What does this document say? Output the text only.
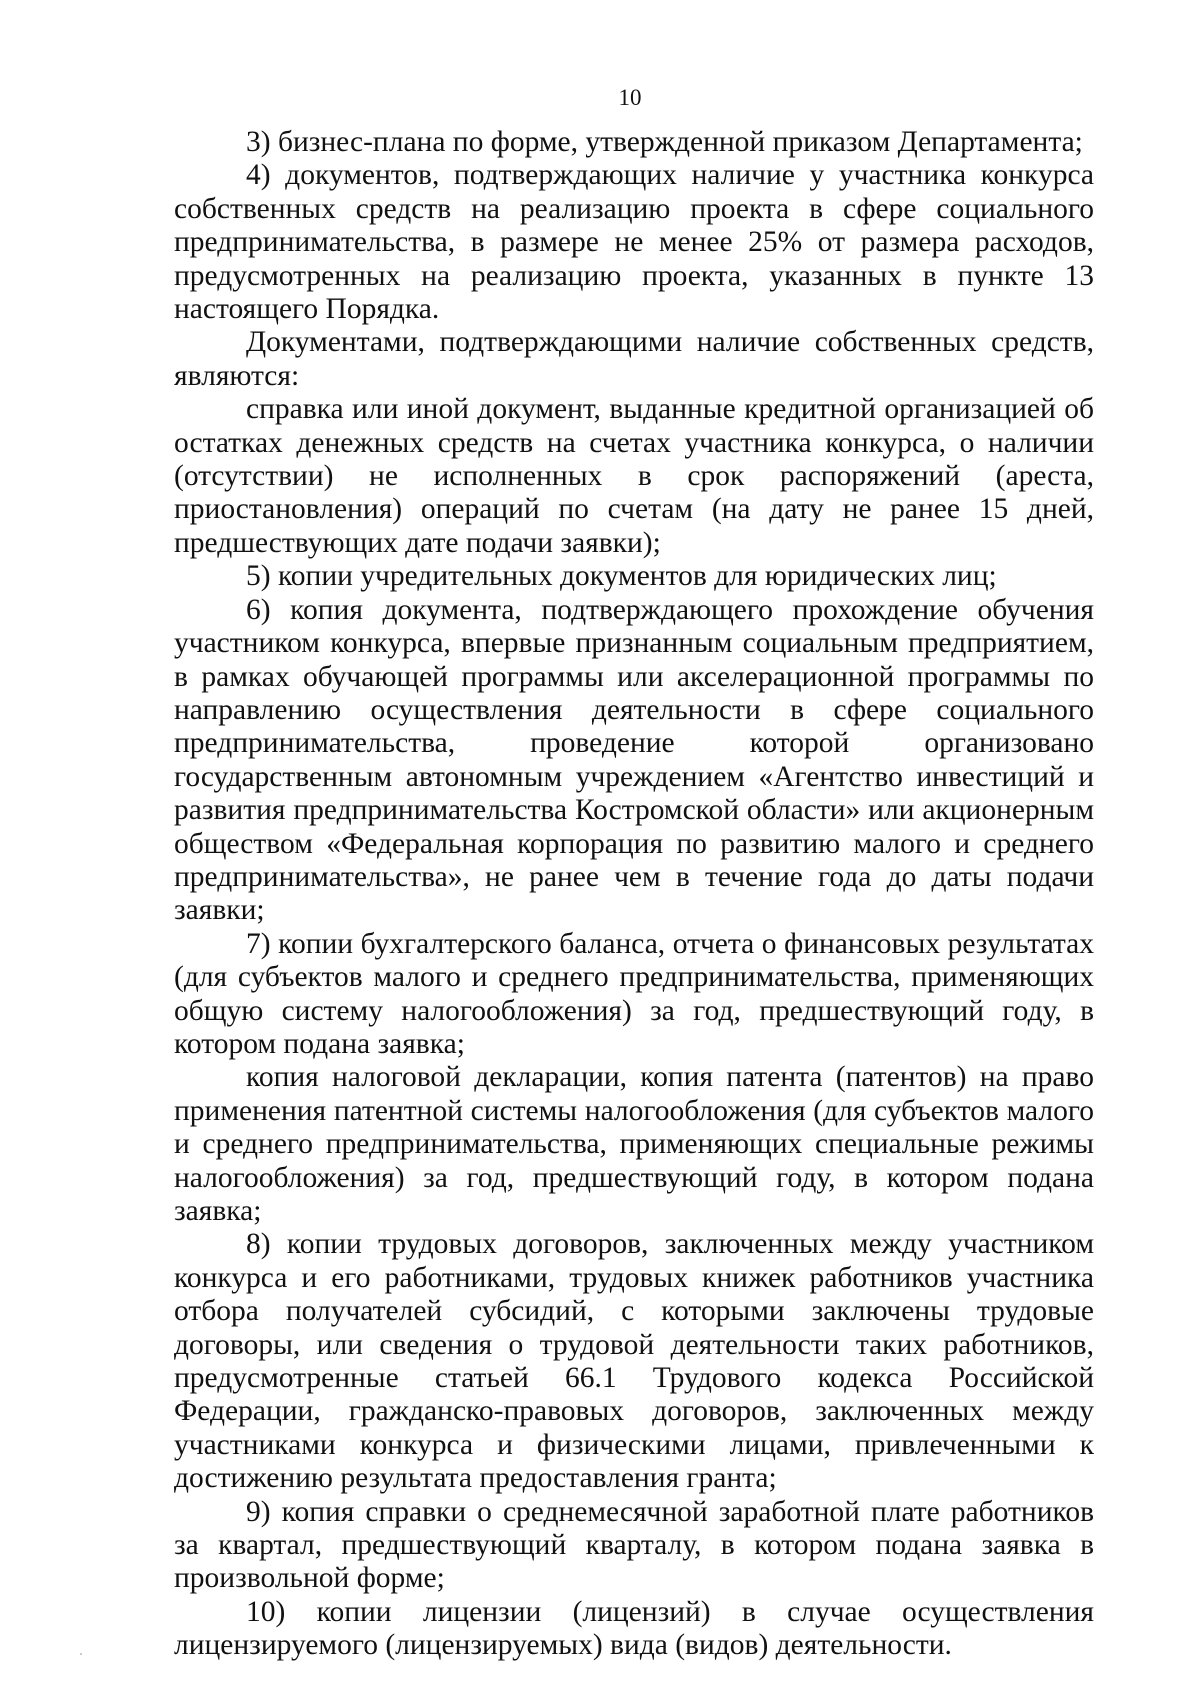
10

3) бизнес-плана по форме, утвержденной приказом Департамента;

4) документов, подтверждающих наличие у участника конкурса собственных средств на реализацию проекта в сфере социального предпринимательства, в размере не менее 25% от размера расходов, предусмотренных на реализацию проекта, указанных в пункте 13 настоящего Порядка.

Документами, подтверждающими наличие собственных средств, являются:

справка или иной документ, выданные кредитной организацией об остатках денежных средств на счетах участника конкурса, о наличии (отсутствии) не исполненных в срок распоряжений (ареста, приостановления) операций по счетам (на дату не ранее 15 дней, предшествующих дате подачи заявки);

5) копии учредительных документов для юридических лиц;

6) копия документа, подтверждающего прохождение обучения участником конкурса, впервые признанным социальным предприятием, в рамках обучающей программы или акселерационной программы по направлению осуществления деятельности в сфере социального предпринимательства, проведение которой организовано государственным автономным учреждением «Агентство инвестиций и развития предпринимательства Костромской области» или акционерным обществом «Федеральная корпорация по развитию малого и среднего предпринимательства», не ранее чем в течение года до даты подачи заявки;

7) копии бухгалтерского баланса, отчета о финансовых результатах (для субъектов малого и среднего предпринимательства, применяющих общую систему налогообложения) за год, предшествующий году, в котором подана заявка;

копия налоговой декларации, копия патента (патентов) на право применения патентной системы налогообложения (для субъектов малого и среднего предпринимательства, применяющих специальные режимы налогообложения) за год, предшествующий году, в котором подана заявка;

8) копии трудовых договоров, заключенных между участником конкурса и его работниками, трудовых книжек работников участника отбора получателей субсидий, с которыми заключены трудовые договоры, или сведения о трудовой деятельности таких работников, предусмотренные статьей 66.1 Трудового кодекса Российской Федерации, гражданско-правовых договоров, заключенных между участниками конкурса и физическими лицами, привлеченными к достижению результата предоставления гранта;

9) копия справки о среднемесячной заработной плате работников за квартал, предшествующий кварталу, в котором подана заявка в произвольной форме;

10) копии лицензии (лицензий) в случае осуществления лицензируемого (лицензируемых) вида (видов) деятельности.
